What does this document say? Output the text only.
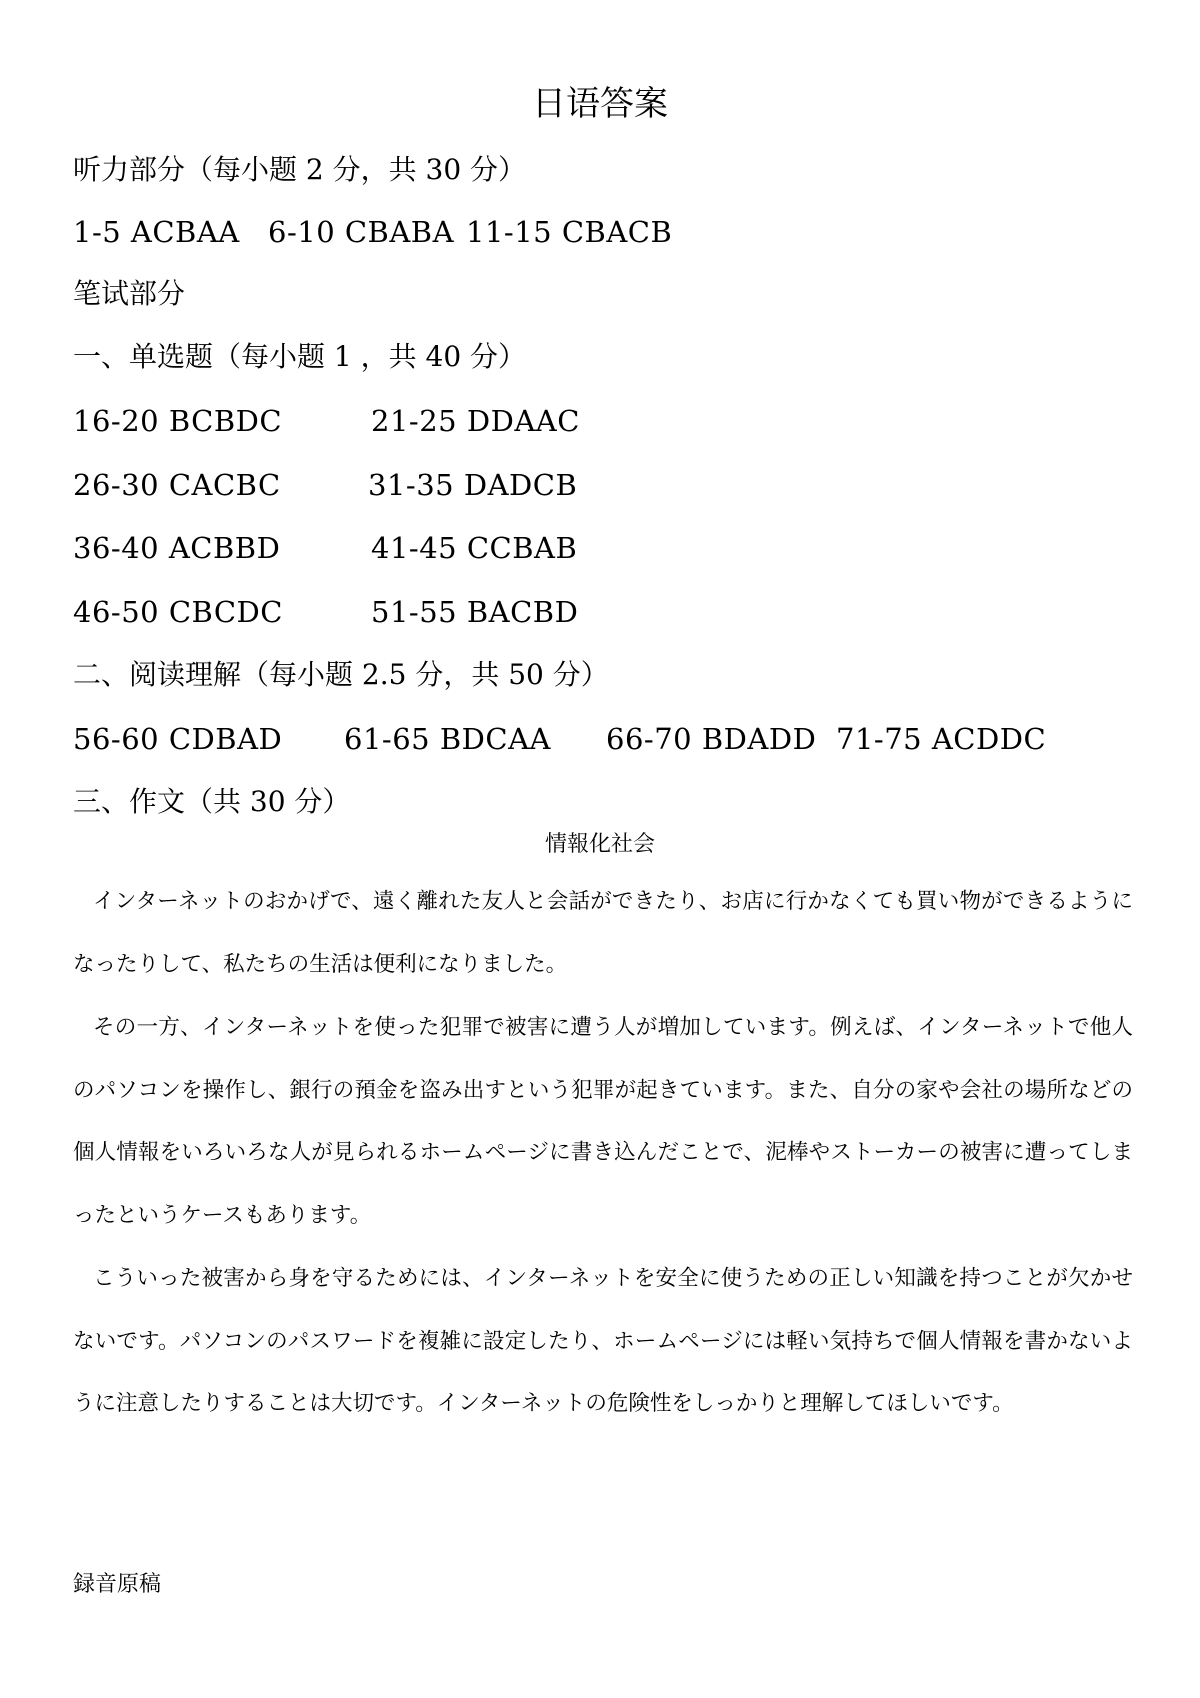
日语答案
听力部分（每小题 2 分，共 30 分）
1-5 ACBAA 6-10 CBABA 11-15 CBACB
笔试部分
一、单选题（每小题 1 ，共 40 分）
16-20 BCBDC	21-25 DDAAC
26-30 CACBC	31-35 DADCB
36-40 ACBBD	41-45 CCBAB
46-50 CBCDC	51-55 BACBD
二、阅读理解（每小题 2.5 分，共 50 分）
56-60 CDBAD 61-65 BDCAA 66-70 BDADD 71-75 ACDDC
三、作文（共 30 分）
情報化社会

インターネットのおかげで、遠く離れた友人と会話ができたり、お店に行かなくても買い物ができるようになったりして、私たちの生活は便利になりました。

その一方、インターネットを使った犯罪で被害に遭う人が増加しています。例えば、インターネットで他人のパソコンを操作し、銀行の預金を盗み出すという犯罪が起きています。また、自分の家や会社の場所などの個人情報をいろいろな人が見られるホームページに書き込んだことで、泥棒やストーカーの被害に遭ってしまったというケースもあります。

こういった被害から身を守るためには、インターネットを安全に使うための正しい知識を持つことが欠かせないです。パソコンのパスワードを複雑に設定したり、ホームページには軽い気持ちで個人情報を書かないように注意したりすることは大切です。インターネットの危険性をしっかりと理解してほしいです。

録音原稿
